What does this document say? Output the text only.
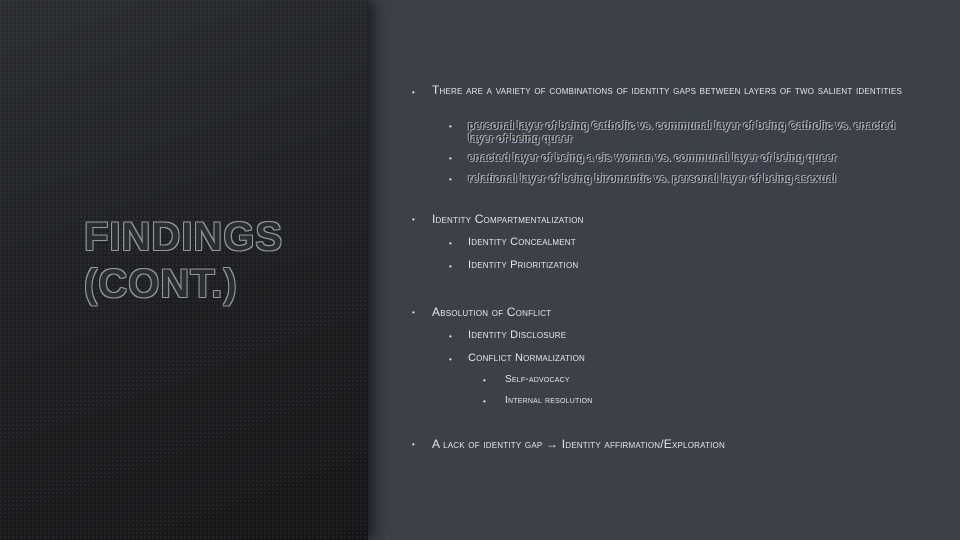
FINDINGS (CONT.)
• There are a variety of combinations of identity gaps between layers of two salient identities
• personal layer of being Catholic vs. communal layer of being Catholic vs. enacted layer of being queer
• enacted layer of being a cis woman vs. communal layer of being queer
• relational layer of being biromantic vs. personal layer of being asexual
• Identity Compartmentalization
• Identity Concealment
• Identity Prioritization
• Absolution of Conflict
• Identity Disclosure
• Conflict Normalization
• Self-advocacy
• Internal resolution
• A lack of identity gap → Identity affirmation/Exploration
